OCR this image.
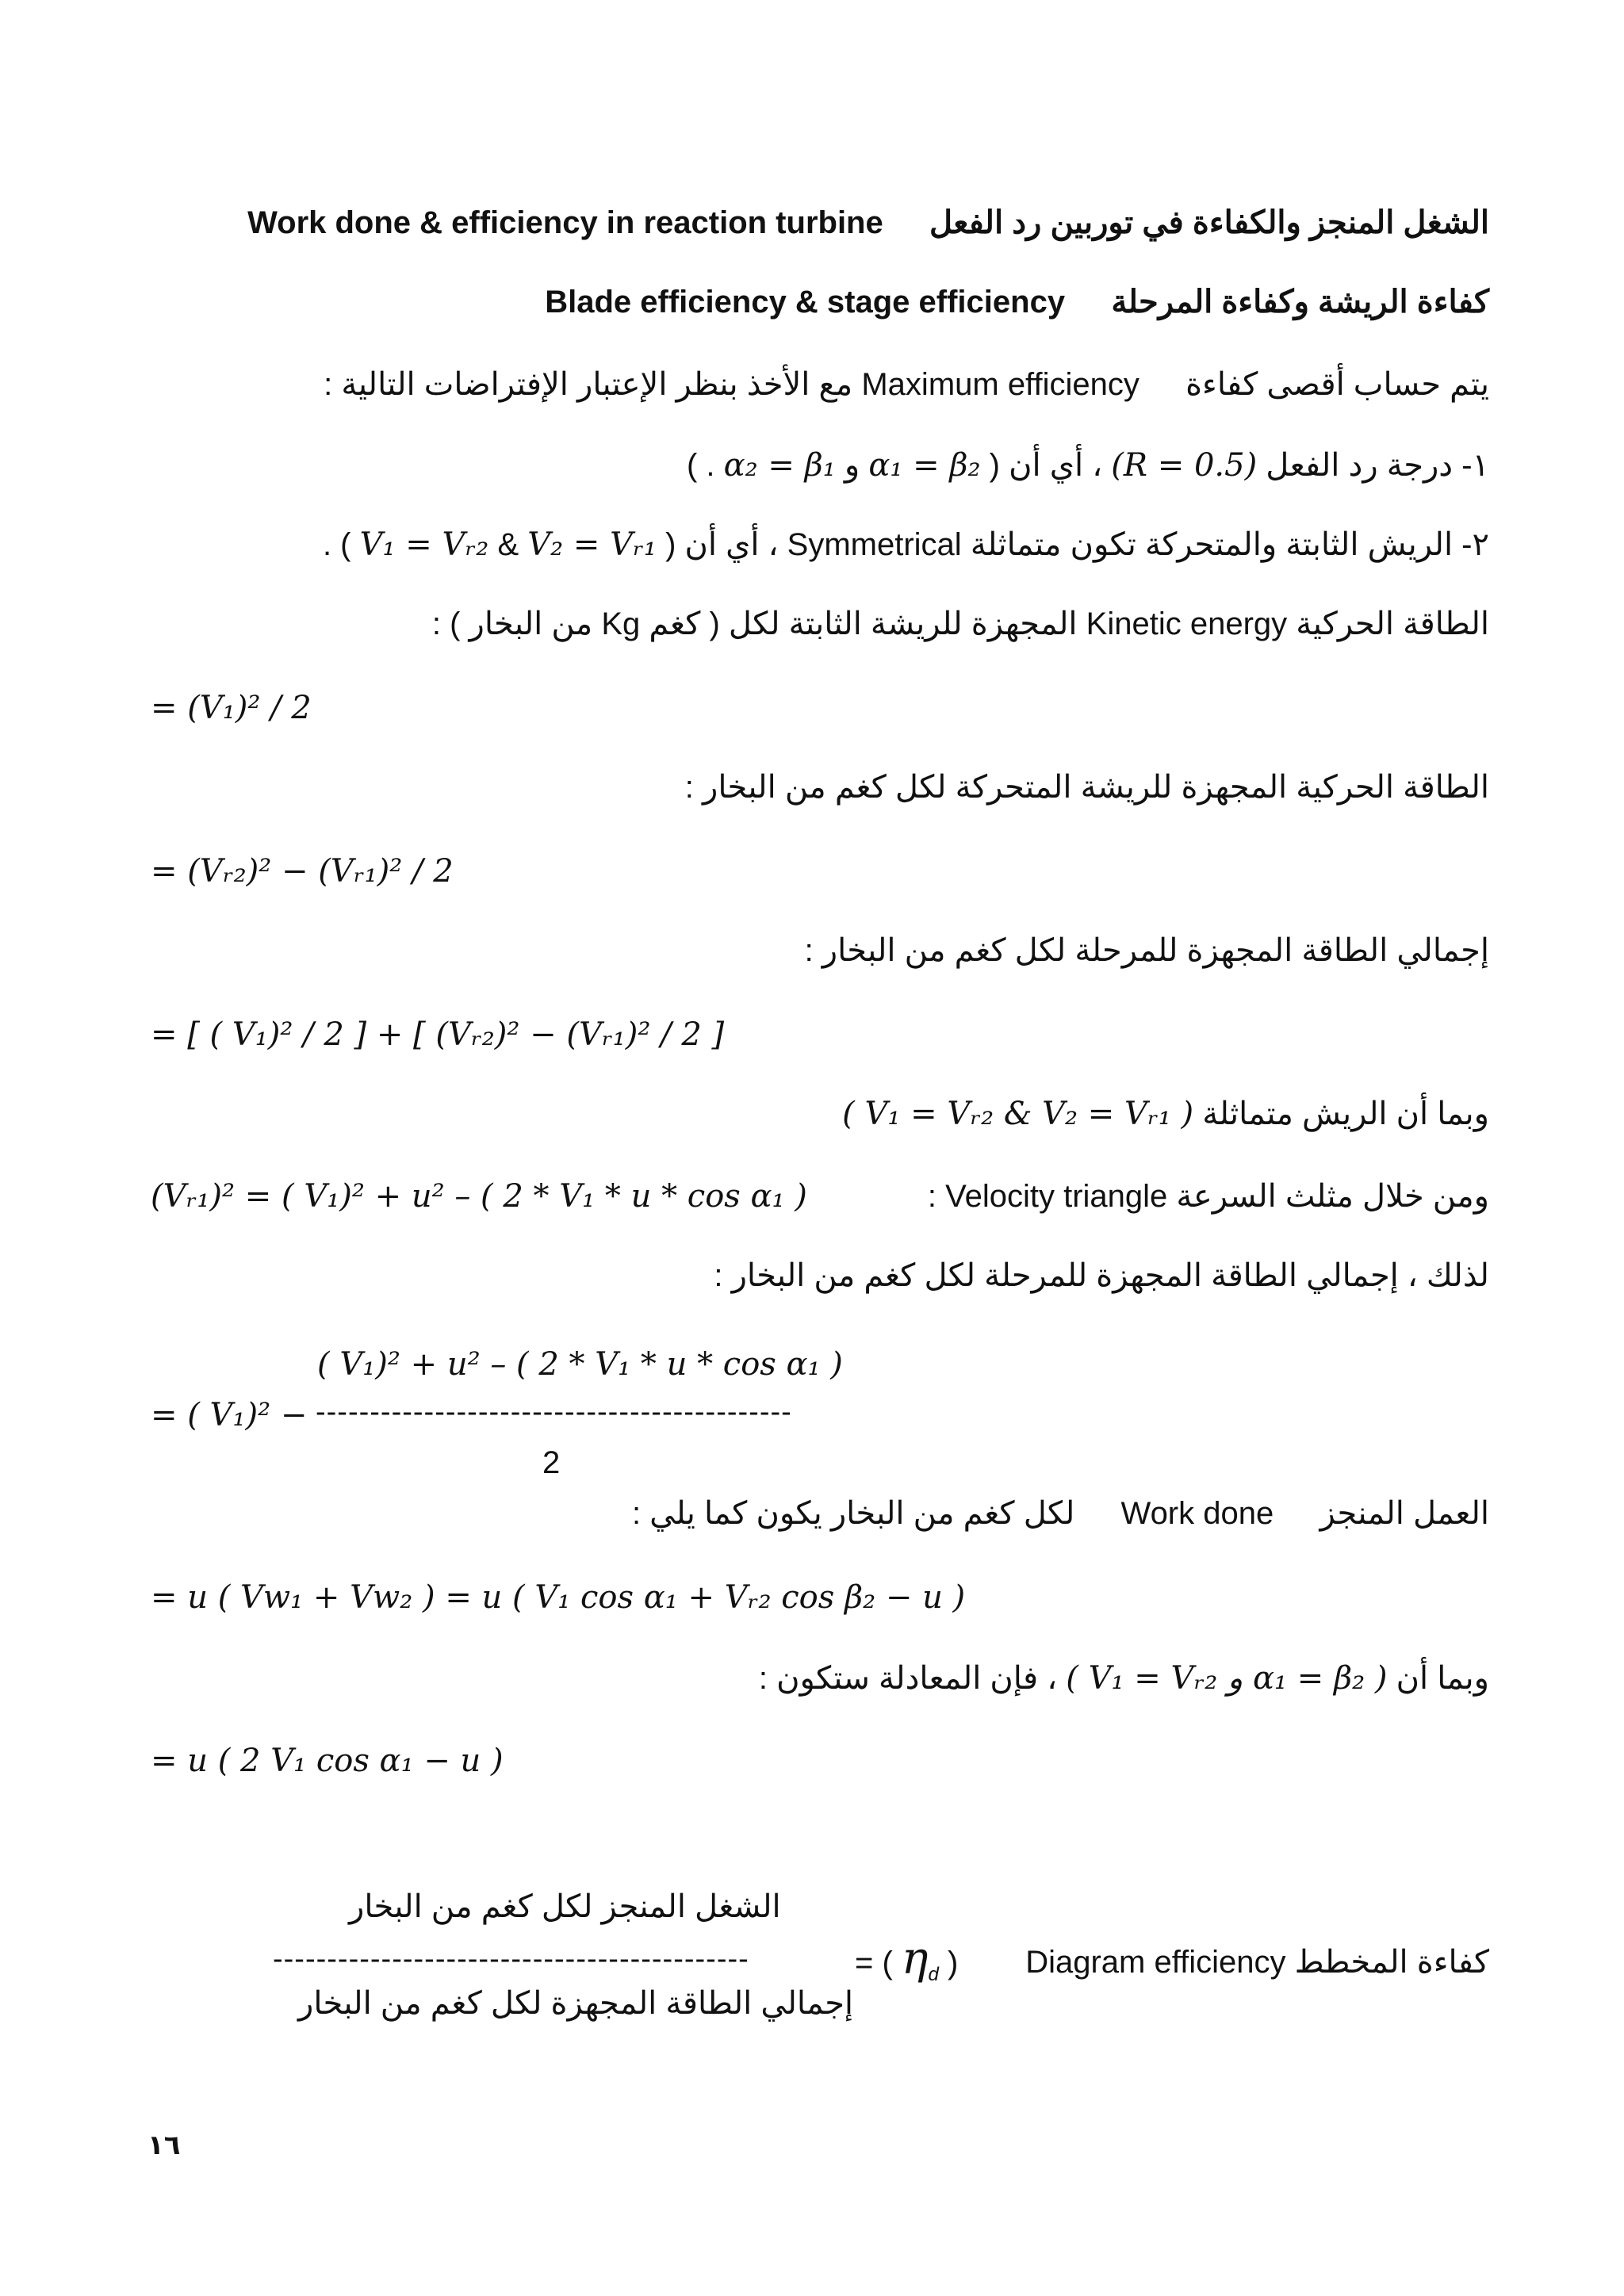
الشغل المنجز والكفاءة في توربين رد الفعل  Work done & efficiency in reaction turbine
كفاءة الريشة وكفاءة المرحلة  Blade efficiency & stage efficiency
يتم حساب أقصى كفاءة  Maximum efficiency مع الأخذ بنظر الإعتبار الإفتراضات التالية :
١- درجة رد الفعل (R = 0.5) ، أي أن ( α₁ = β₂ و α₂ = β₁ . )
٢- الريش الثابتة والمتحركة تكون متماثلة Symmetrical ، أي أن ( V₂ = Vᵣ₁ & V₁ = Vᵣ₂ ) .
الطاقة الحركية Kinetic energy المجهزة للريشة الثابتة لكل ( كغم Kg من البخار ) :
= (V₁)² / 2
الطاقة الحركية المجهزة للريشة المتحركة لكل كغم من البخار :
= (Vᵣ₂)² − (Vᵣ₁)² / 2
إجمالي الطاقة المجهزة للمرحلة لكل كغم من البخار :
= [ ( V₁)² / 2 ] + [ (Vᵣ₂)² − (Vᵣ₁)² / 2 ]
وبما أن الريش متماثلة ( V₁ = Vᵣ₂ & V₂ = Vᵣ₁ )
ومن خلال مثلث السرعة Velocity triangle :
(Vᵣ₁)² = ( V₁)² + u² – ( 2 * V₁ * u * cos α₁ )
لذلك ، إجمالي الطاقة المجهزة للمرحلة لكل كغم من البخار :
( V₁)² + u² – ( 2 * V₁ * u * cos α₁ )
= ( V₁)² − --------------------------------------------
2
العمل المنجز  Work done  لكل كغم من البخار يكون كما يلي :
= u ( Vw₁ + Vw₂ ) = u ( V₁ cos α₁ + Vᵣ₂ cos β₂ − u )
وبما أن ( V₁ = Vᵣ₂ و α₁ = β₂ ) ، فإن المعادلة ستكون :
= u ( 2 V₁ cos α₁ − u )
الشغل المنجز لكل كغم من البخار
--------------------------------------------
إجمالي الطاقة المجهزة لكل كغم من البخار
= ( $\eta_d$ )	كفاءة المخطط Diagram efficiency
١٦
